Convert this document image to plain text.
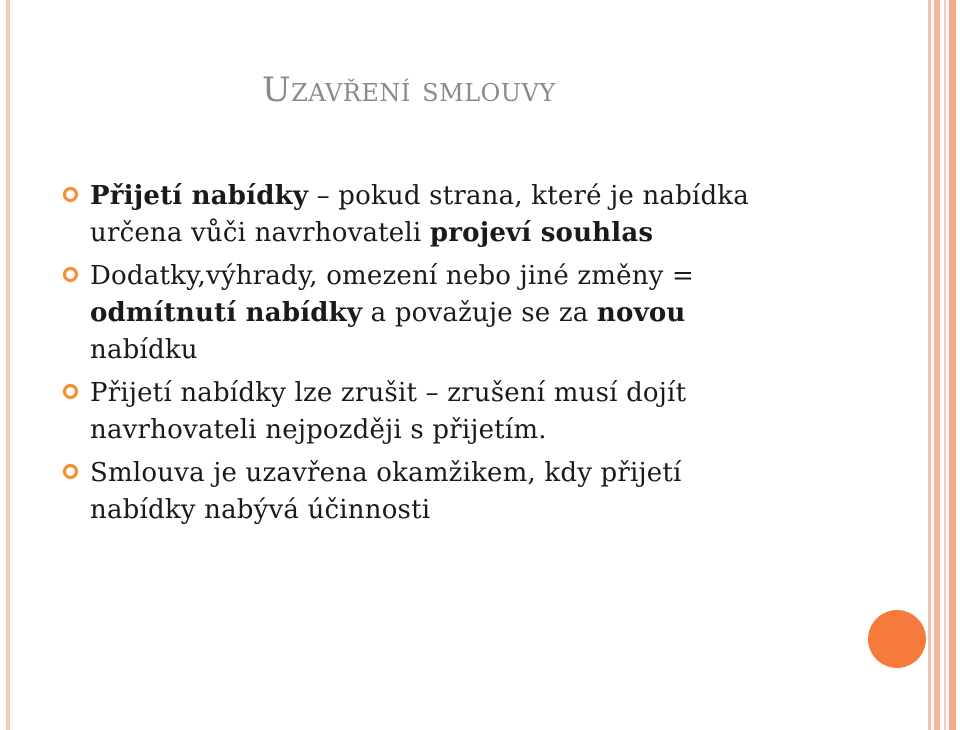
Uzavření smlouvy
Přijetí nabídky – pokud strana, které je nabídka určena vůči navrhovateli projeví souhlas
Dodatky,výhrady, omezení nebo jiné změny = odmítnutí nabídky a považuje se za novou nabídku
Přijetí nabídky lze zrušit – zrušení musí dojít navrhovateli nejpozději s přijetím.
Smlouva je uzavřena okamžikem, kdy přijetí nabídky nabývá účinnosti
